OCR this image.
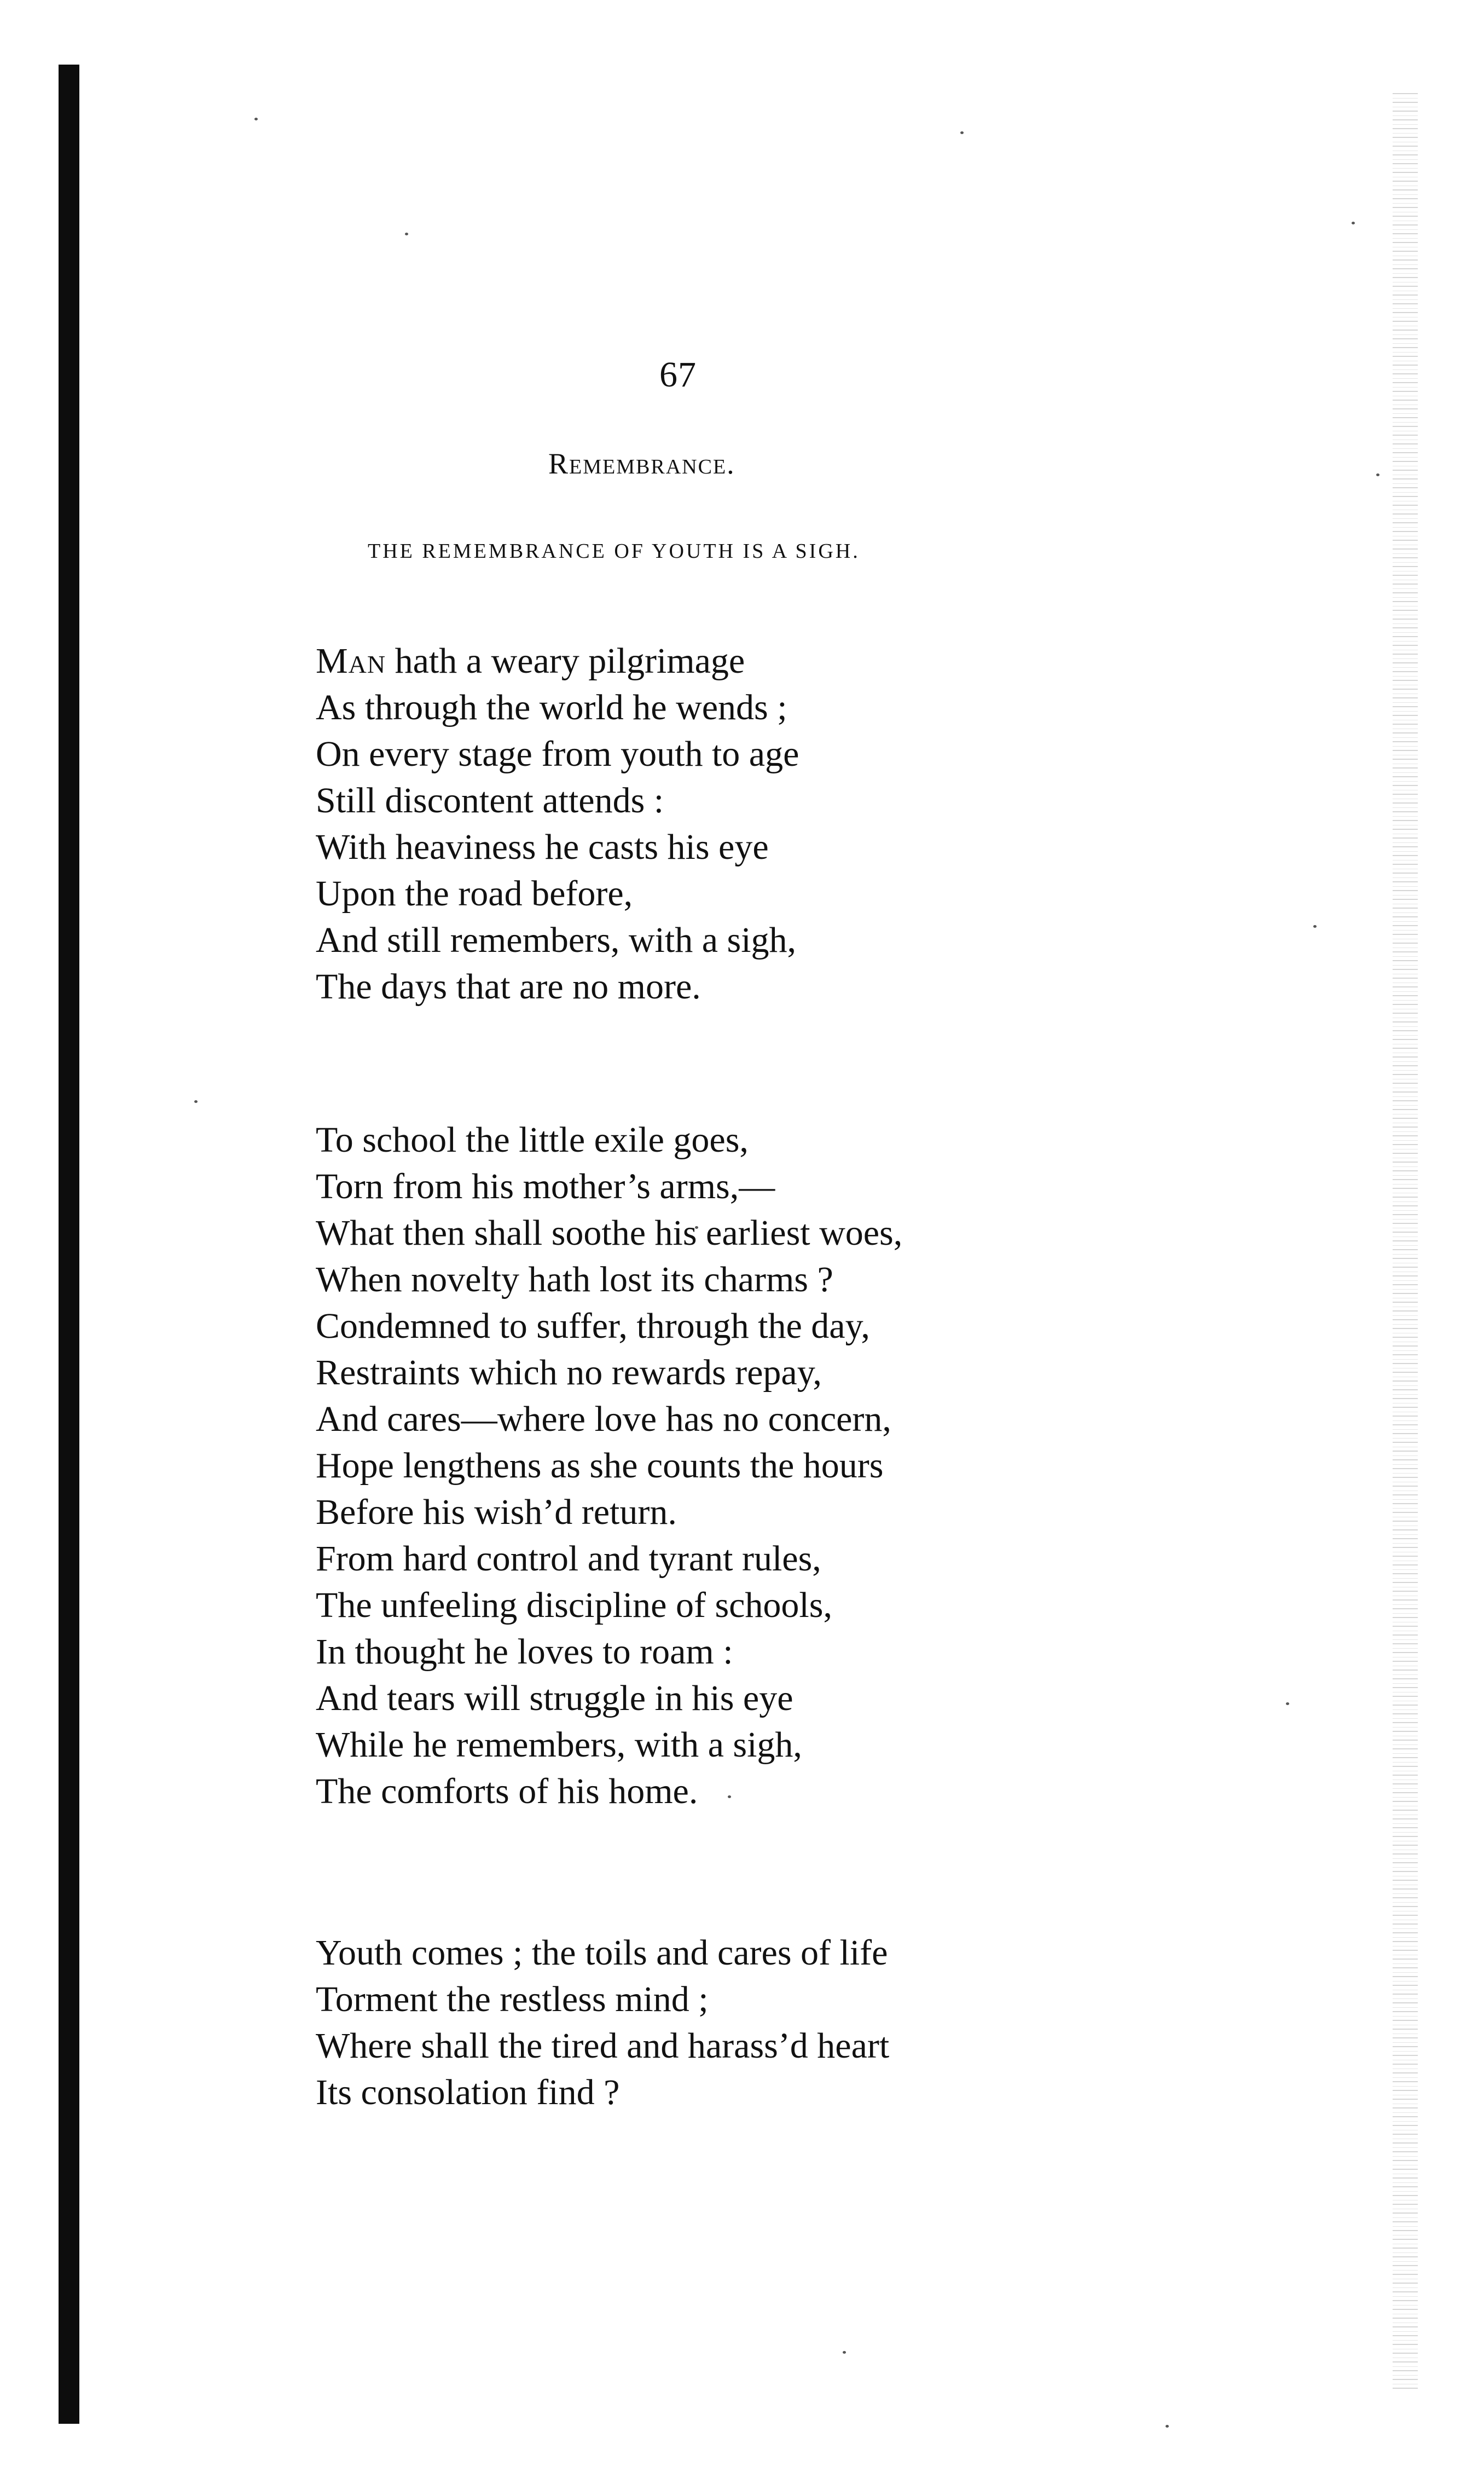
67
Remembrance.
THE REMEMBRANCE OF YOUTH IS A SIGH.
Man hath a weary pilgrimage
As through the world he wends ;
On every stage from youth to age
Still discontent attends :
With heaviness he casts his eye
Upon the road before,
And still remembers, with a sigh,
The days that are no more.
To school the little exile goes,
Torn from his mother’s arms,—
What then shall soothe his earliest woes,
When novelty hath lost its charms ?
Condemned to suffer, through the day,
Restraints which no rewards repay,
And cares—where love has no concern,
Hope lengthens as she counts the hours
Before his wish’d return.
From hard control and tyrant rules,
The unfeeling discipline of schools,
In thought he loves to roam :
And tears will struggle in his eye
While he remembers, with a sigh,
The comforts of his home.
Youth comes ; the toils and cares of life
Torment the restless mind ;
Where shall the tired and harass’d heart
Its consolation find ?
